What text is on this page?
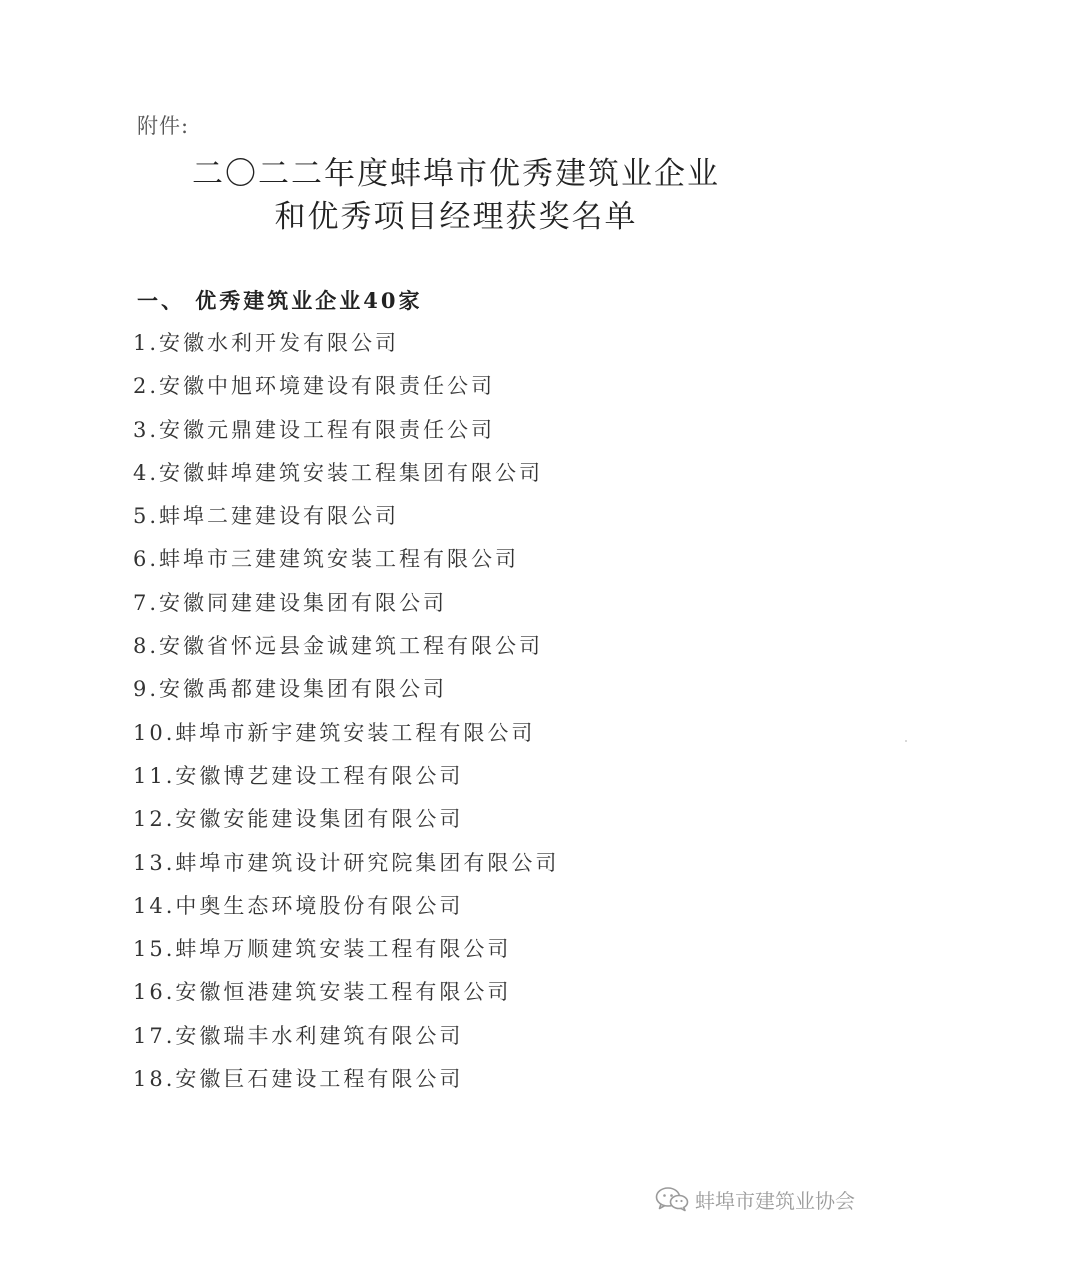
附件:
二〇二二年度蚌埠市优秀建筑业企业
和优秀项目经理获奖名单
一、 优秀建筑业企业40家
1.安徽水利开发有限公司
2.安徽中旭环境建设有限责任公司
3.安徽元鼎建设工程有限责任公司
4.安徽蚌埠建筑安装工程集团有限公司
5.蚌埠二建建设有限公司
6.蚌埠市三建建筑安装工程有限公司
7.安徽同建建设集团有限公司
8.安徽省怀远县金诚建筑工程有限公司
9.安徽禹都建设集团有限公司
10.蚌埠市新宇建筑安装工程有限公司
11.安徽博艺建设工程有限公司
12.安徽安能建设集团有限公司
13.蚌埠市建筑设计研究院集团有限公司
14.中奥生态环境股份有限公司
15.蚌埠万顺建筑安装工程有限公司
16.安徽恒港建筑安装工程有限公司
17.安徽瑞丰水利建筑有限公司
18.安徽巨石建设工程有限公司
蚌埠市建筑业协会
